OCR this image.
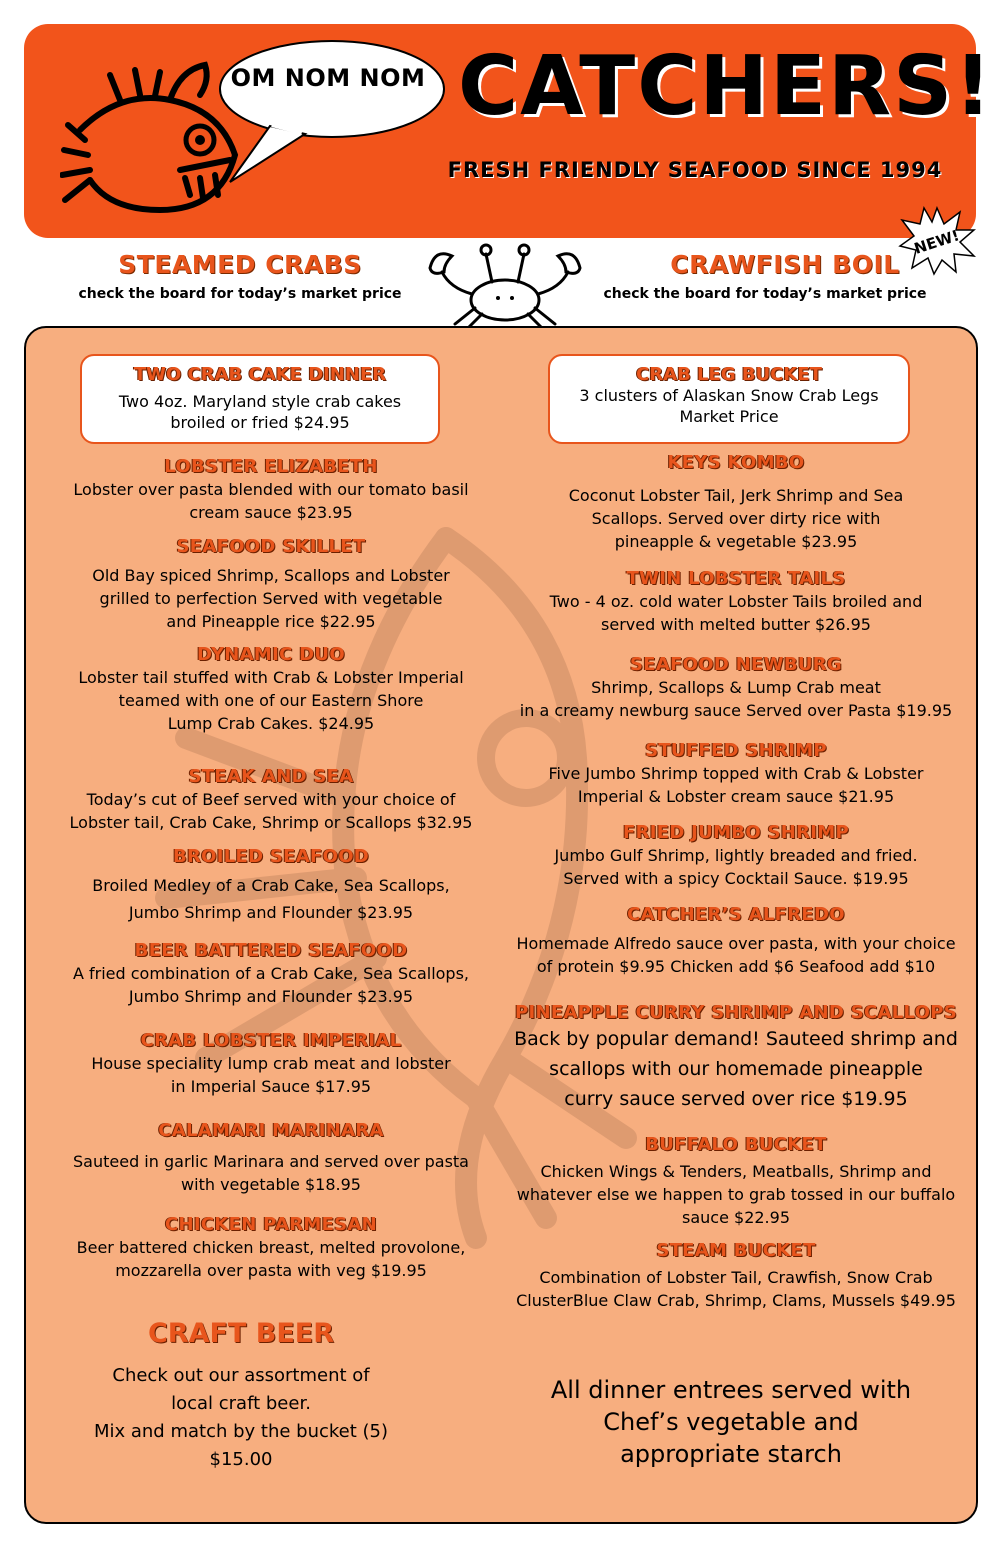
OM NOM NOM CATCHERS!
FRESH FRIENDLY SEAFOOD SINCE 1994
STEAMED CRABS
check the board for today’s market price
CRAWFISH BOIL
check the board for today’s market price
NEW!
TWO CRAB CAKE DINNER
Two 4oz. Maryland style crab cakes
broiled or fried $24.95
LOBSTER ELIZABETH
Lobster over pasta blended with our tomato basil
cream sauce $23.95
SEAFOOD SKILLET
Old Bay spiced Shrimp, Scallops and Lobster
grilled to perfection Served with vegetable
and Pineapple rice $22.95
DYNAMIC DUO
Lobster tail stuffed with Crab & Lobster Imperial
teamed with one of our Eastern Shore
Lump Crab Cakes. $24.95
STEAK AND SEA
Today’s cut of Beef served with your choice of
Lobster tail, Crab Cake, Shrimp or Scallops $32.95
BROILED SEAFOOD
Broiled Medley of a Crab Cake, Sea Scallops,
Jumbo Shrimp and Flounder $23.95
BEER BATTERED SEAFOOD
A fried combination of a Crab Cake, Sea Scallops,
Jumbo Shrimp and Flounder $23.95
CRAB LOBSTER IMPERIAL
House speciality lump crab meat and lobster
in Imperial Sauce $17.95
CALAMARI MARINARA
Sauteed in garlic Marinara and served over pasta
with vegetable $18.95
CHICKEN PARMESAN
Beer battered chicken breast, melted provolone,
mozzarella over pasta with veg $19.95
CRAFT BEER
Check out our assortment of
local craft beer.
Mix and match by the bucket (5)
$15.00
CRAB LEG BUCKET
3 clusters of Alaskan Snow Crab Legs
Market Price
KEYS KOMBO
Coconut Lobster Tail, Jerk Shrimp and Sea
Scallops. Served over dirty rice with
pineapple & vegetable $23.95
TWIN LOBSTER TAILS
Two - 4 oz. cold water Lobster Tails broiled and
served with melted butter $26.95
SEAFOOD NEWBURG
Shrimp, Scallops & Lump Crab meat
in a creamy newburg sauce Served over Pasta $19.95
STUFFED SHRIMP
Five Jumbo Shrimp topped with Crab & Lobster
Imperial & Lobster cream sauce $21.95
FRIED JUMBO SHRIMP
Jumbo Gulf Shrimp, lightly breaded and fried.
Served with a spicy Cocktail Sauce. $19.95
CATCHER’S ALFREDO
Homemade Alfredo sauce over pasta, with your choice
of protein $9.95 Chicken add $6 Seafood add $10
PINEAPPLE CURRY SHRIMP AND SCALLOPS
Back by popular demand! Sauteed shrimp and
scallops with our homemade pineapple
curry sauce served over rice $19.95
BUFFALO BUCKET
Chicken Wings & Tenders, Meatballs, Shrimp and
whatever else we happen to grab tossed in our buffalo
sauce $22.95
STEAM BUCKET
Combination of Lobster Tail, Crawfish, Snow Crab
ClusterBlue Claw Crab, Shrimp, Clams, Mussels $49.95
All dinner entrees served with
Chef’s vegetable and
appropriate starch
